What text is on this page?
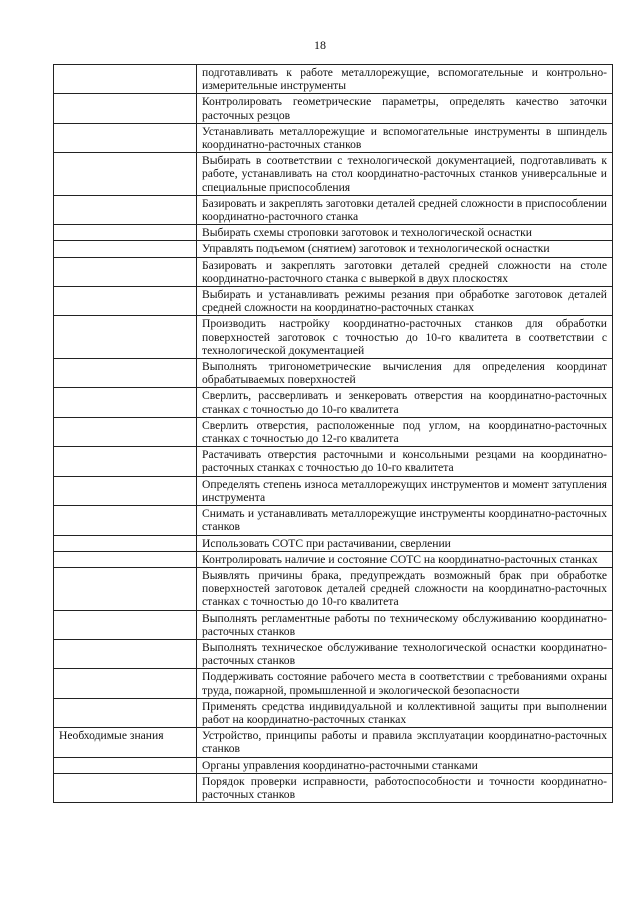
18
	подготавливать к работе металлорежущие, вспомогательные и контрольно-измерительные инструменты

	Контролировать геометрические параметры, определять качество заточки расточных резцов

	Устанавливать металлорежущие и вспомогательные инструменты в шпиндель координатно-расточных станков

	Выбирать в соответствии с технологической документацией, подготавливать к работе, устанавливать на стол координатно-расточных станков универсальные и специальные приспособления

	Базировать и закреплять заготовки деталей средней сложности в приспособлении координатно-расточного станка

	Выбирать схемы строповки заготовок и технологической оснастки

	Управлять подъемом (снятием) заготовок и технологической оснастки

	Базировать и закреплять заготовки деталей средней сложности на столе координатно-расточного станка с выверкой в двух плоскостях

	Выбирать и устанавливать режимы резания при обработке заготовок деталей средней сложности на координатно-расточных станках

	Производить настройку координатно-расточных станков для обработки поверхностей заготовок с точностью до 10-го квалитета в соответствии с технологической документацией

	Выполнять тригонометрические вычисления для определения координат обрабатываемых поверхностей

	Сверлить, рассверливать и зенкеровать отверстия на координатно-расточных станках с точностью до 10-го квалитета

	Сверлить отверстия, расположенные под углом, на координатно-расточных станках с точностью до 12-го квалитета

	Растачивать отверстия расточными и консольными резцами на координатно-расточных станках с точностью до 10-го квалитета

	Определять степень износа металлорежущих инструментов и момент затупления инструмента

	Снимать и устанавливать металлорежущие инструменты координатно-расточных станков

	Использовать СОТС при растачивании, сверлении

	Контролировать наличие и состояние СОТС на координатно-расточных станках

	Выявлять причины брака, предупреждать возможный брак при обработке поверхностей заготовок деталей средней сложности на координатно-расточных станках с точностью до 10-го квалитета

	Выполнять регламентные работы по техническому обслуживанию координатно-расточных станков

	Выполнять техническое обслуживание технологической оснастки координатно-расточных станков

	Поддерживать состояние рабочего места в соответствии с требованиями охраны труда, пожарной, промышленной и экологической безопасности

	Применять средства индивидуальной и коллективной защиты при выполнении работ на координатно-расточных станках

Необходимые знания	Устройство, принципы работы и правила эксплуатации координатно-расточных станков

	Органы управления координатно-расточными станками

	Порядок проверки исправности, работоспособности и точности координатно-расточных станков
